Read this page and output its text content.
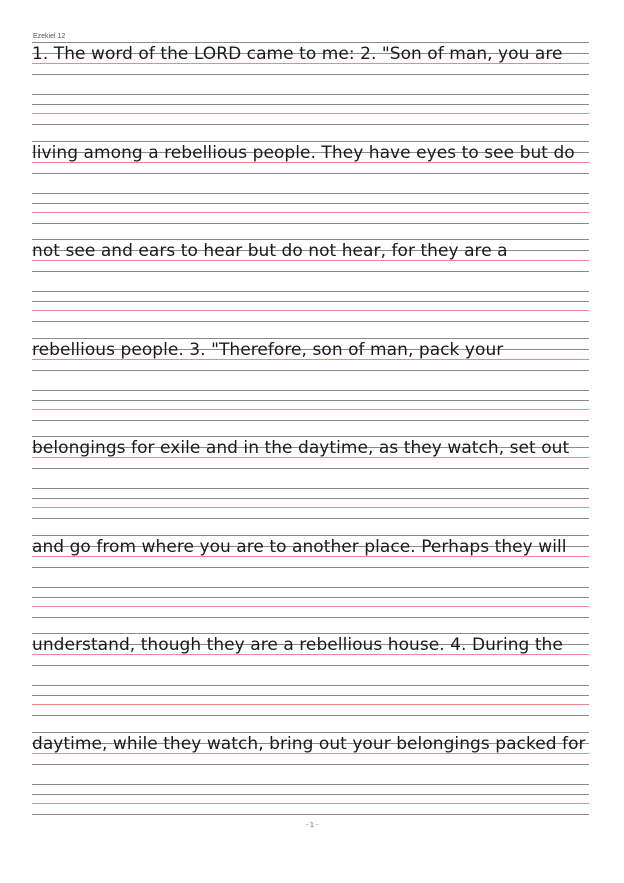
Ezekiel 12
1. The word of the LORD came to me: 2. "Son of man, you are
living among a rebellious people. They have eyes to see but do
not see and ears to hear but do not hear, for they are a
rebellious people. 3. "Therefore, son of man, pack your
belongings for exile and in the daytime, as they watch, set out
and go from where you are to another place. Perhaps they will
understand, though they are a rebellious house. 4. During the
daytime, while they watch, bring out your belongings packed for
- 1 -
